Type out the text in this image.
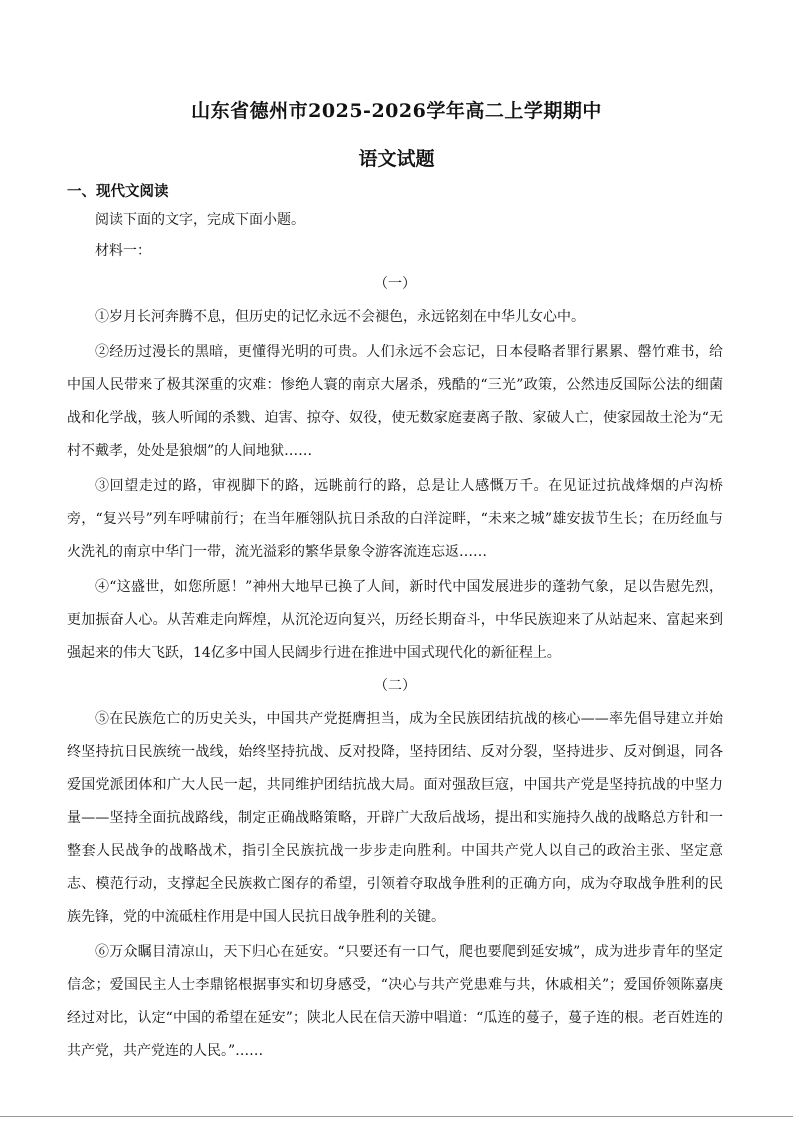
山东省德州市2025-2026学年高二上学期期中
语文试题

一、现代文阅读

阅读下面的文字，完成下面小题。

材料一：

（一）

①岁月长河奔腾不息，但历史的记忆永远不会褪色，永远铭刻在中华儿女心中。

②经历过漫长的黑暗，更懂得光明的可贵。人们永远不会忘记，日本侵略者罪行累累、罄竹难书，给中国人民带来了极其深重的灾难：惨绝人寰的南京大屠杀，残酷的“三光”政策，公然违反国际公法的细菌战和化学战，骇人听闻的杀戮、迫害、掠夺、奴役，使无数家庭妻离子散、家破人亡，使家园故土沦为“无村不戴孝，处处是狼烟”的人间地狱……

③回望走过的路，审视脚下的路，远眺前行的路，总是让人感慨万千。在见证过抗战烽烟的卢沟桥旁，“复兴号”列车呼啸前行；在当年雁翎队抗日杀敌的白洋淀畔，“未来之城”雄安拔节生长；在历经血与火洗礼的南京中华门一带，流光溢彩的繁华景象令游客流连忘返……

④“这盛世，如您所愿！”神州大地早已换了人间，新时代中国发展进步的蓬勃气象，足以告慰先烈，更加振奋人心。从苦难走向辉煌，从沉沦迈向复兴，历经长期奋斗，中华民族迎来了从站起来、富起来到强起来的伟大飞跃，14亿多中国人民阔步行进在推进中国式现代化的新征程上。

（二）

⑤在民族危亡的历史关头，中国共产党挺膺担当，成为全民族团结抗战的核心——率先倡导建立并始终坚持抗日民族统一战线，始终坚持抗战、反对投降，坚持团结、反对分裂，坚持进步、反对倒退，同各爱国党派团体和广大人民一起，共同维护团结抗战大局。面对强敌巨寇，中国共产党是坚持抗战的中坚力量——坚持全面抗战路线，制定正确战略策略，开辟广大敌后战场，提出和实施持久战的战略总方针和一整套人民战争的战略战术，指引全民族抗战一步步走向胜利。中国共产党人以自己的政治主张、坚定意志、模范行动，支撑起全民族救亡图存的希望，引领着夺取战争胜利的正确方向，成为夺取战争胜利的民族先锋，党的中流砥柱作用是中国人民抗日战争胜利的关键。

⑥万众瞩目清凉山，天下归心在延安。“只要还有一口气，爬也要爬到延安城”，成为进步青年的坚定信念；爱国民主人士李鼎铭根据事实和切身感受，“决心与共产党患难与共，休戚相关”；爱国侨领陈嘉庚经过对比，认定“中国的希望在延安”；陕北人民在信天游中唱道：“瓜连的蔓子，蔓子连的根。老百姓连的共产党，共产党连的人民。”……
